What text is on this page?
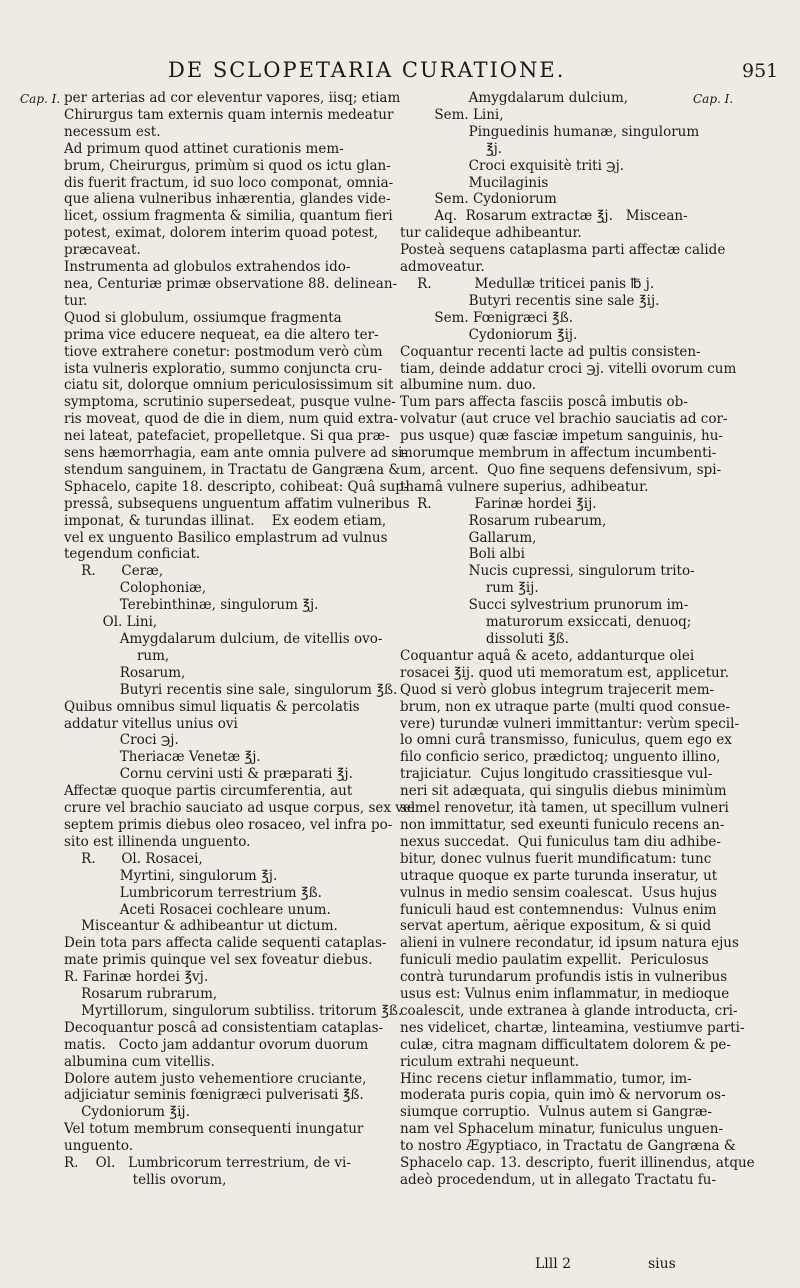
DE SCLOPETARIA CURATIONE.	951
Cap. I.	Cap. I.
per arterias ad cor eleventur vapores, iisq; etiam
Chirurgus tam externis quam internis medeatur
necessum est.
Ad primum quod attinet curationis mem-
brum, Cheirurgus, primùm si quod os ictu glan-
dis fuerit fractum, id suo loco componat, omnia-
que aliena vulneribus inhærentia, glandes vide-
licet, ossium fragmenta & similia, quantum fieri
potest, eximat, dolorem interim quoad potest,
præcaveat.
Instrumenta ad globulos extrahendos ido-
nea, Centuriæ primæ observatione 88. delinean-
tur.
Quod si globulum, ossiumque fragmenta
prima vice educere nequeat, ea die altero ter-
tiove extrahere conetur: postmodum verò cùm
ista vulneris exploratio, summo conjuncta cru-
ciatu sit, dolorque omnium periculosissimum sit
symptoma, scrutinio supersedeat, pusque vulne-
ris moveat, quod de die in diem, num quid extra-
nei lateat, patefaciet, propelletque. Si qua præ-
sens hæmorrhagia, eam ante omnia pulvere ad si-
stendum sanguinem, in Tractatu de Gangræna &
Sphacelo, capite 18. descripto, cohibeat: Quâ sup-
pressâ, subsequens unguentum affatim vulneribus
imponat, & turundas illinat.    Ex eodem etiam,
vel ex unguento Basilico emplastrum ad vulnus
tegendum conficiat.
R.      Ceræ,
Colophoniæ,
Terebinthinæ, singulorum ℥j.
Ol. Lini,
Amygdalarum dulcium, de vitellis ovo-
rum,
Rosarum,
Butyri recentis sine sale, singulorum ℥ß.
Quibus omnibus simul liquatis & percolatis
addatur vitellus unius ovi
Croci ℈j.
Theriacæ Venetæ ℥j.
Cornu cervini usti & præparati ℥j.
Affectæ quoque partis circumferentia, aut
crure vel brachio sauciato ad usque corpus, sex vel
septem primis diebus oleo rosaceo, vel infra po-
sito est illinenda unguento.
R.      Ol. Rosacei,
Myrtini, singulorum ℥j.
Lumbricorum terrestrium ℥ß.
Aceti Rosacei cochleare unum.
Misceantur & adhibeantur ut dictum.
Dein tota pars affecta calide sequenti cataplas-
mate primis quinque vel sex foveatur diebus.
R. Farinæ hordei ℥vj.
Rosarum rubrarum,
Myrtillorum, singulorum subtiliss. tritorum ℥ß.
Decoquantur poscâ ad consistentiam cataplas-
matis.   Cocto jam addantur ovorum duorum
albumina cum vitellis.
Dolore autem justo vehementiore cruciante,
adjiciatur seminis fœnigræci pulverisati ℥ß.
Cydoniorum ℥ij.
Vel totum membrum consequenti inungatur
unguento.
R.    Ol.   Lumbricorum terrestrium, de vi-
tellis ovorum,
Amygdalarum dulcium,
Sem. Lini,
Pinguedinis humanæ, singulorum
℥j.
Croci exquisitè triti ℈j.
Mucilaginis
Sem. Cydoniorum
Aq.  Rosarum extractæ ℥j.   Miscean-
tur calideque adhibeantur.
Posteà sequens cataplasma parti affectæ calide
admoveatur.
R.          Medullæ triticei panis ℔ j.
Butyri recentis sine sale ℥ij.
Sem. Fœnigræci ℥ß.
Cydoniorum ℥ij.
Coquantur recenti lacte ad pultis consisten-
tiam, deinde addatur croci ℈j. vitelli ovorum cum
albumine num. duo.
Tum pars affecta fasciis poscâ imbutis ob-
volvatur (aut cruce vel brachio sauciatis ad cor-
pus usque) quæ fasciæ impetum sanguinis, hu-
morumque membrum in affectum incumbenti-
um, arcent.  Quo fine sequens defensivum, spi-
thamâ vulnere superius, adhibeatur.
R.          Farinæ hordei ℥ij.
Rosarum rubearum,
Gallarum,
Boli albi
Nucis cupressi, singulorum trito-
rum ℥ij.
Succi sylvestrium prunorum im-
maturorum exsiccati, denuoq;
dissoluti ℥ß.
Coquantur aquâ & aceto, addanturque olei
rosacei ℥ij. quod uti memoratum est, applicetur.
Quod si verò globus integrum trajecerit mem-
brum, non ex utraque parte (multi quod consue-
vere) turundæ vulneri immittantur: verùm specil-
lo omni curâ transmisso, funiculus, quem ego ex
filo conficio serico, prædictoq; unguento illino,
trajiciatur.  Cujus longitudo crassitiesque vul-
neri sit adæquata, qui singulis diebus minimùm
semel renovetur, ità tamen, ut specillum vulneri
non immittatur, sed exeunti funiculo recens an-
nexus succedat.  Qui funiculus tam diu adhibe-
bitur, donec vulnus fuerit mundificatum: tunc
utraque quoque ex parte turunda inseratur, ut
vulnus in medio sensim coalescat.  Usus hujus
funiculi haud est contemnendus:  Vulnus enim
servat apertum, aërique expositum, & si quid
alieni in vulnere recondatur, id ipsum natura ejus
funiculi medio paulatim expellit.  Periculosus
contrà turundarum profundis istis in vulneribus
usus est: Vulnus enim inflammatur, in medioque
coalescit, unde extranea à glande introducta, cri-
nes videlicet, chartæ, linteamina, vestiumve parti-
culæ, citra magnam difficultatem dolorem & pe-
riculum extrahi nequeunt.
Hinc recens cietur inflammatio, tumor, im-
moderata puris copia, quin imò & nervorum os-
siumque corruptio.  Vulnus autem si Gangræ-
nam vel Sphacelum minatur, funiculus unguen-
to nostro Ægyptiaco, in Tractatu de Gangræna &
Sphacelo cap. 13. descripto, fuerit illinendus, atque
adeò procedendum, ut in allegato Tractatu fu-
Llll 2	sius
